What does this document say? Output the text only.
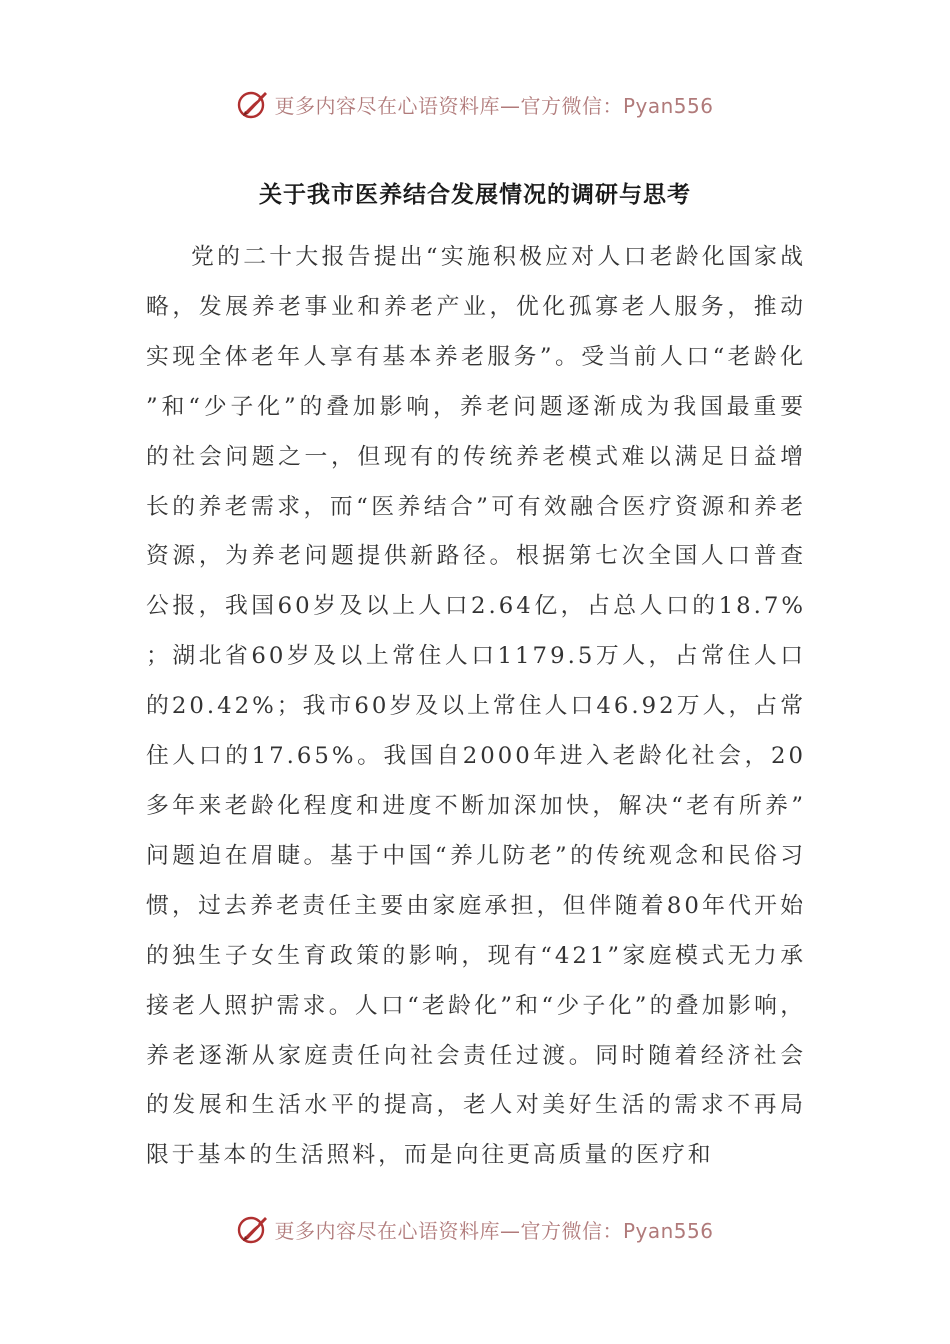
更多内容尽在心语资料库—官方微信：Pyan556
关于我市医养结合发展情况的调研与思考

党的二十大报告提出“实施积极应对人口老龄化国家战略，发展养老事业和养老产业，优化孤寡老人服务，推动实现全体老年人享有基本养老服务”。受当前人口“老龄化”和“少子化”的叠加影响，养老问题逐渐成为我国最重要的社会问题之一，但现有的传统养老模式难以满足日益增长的养老需求，而“医养结合”可有效融合医疗资源和养老资源，为养老问题提供新路径。根据第七次全国人口普查公报，我国60岁及以上人口2.64亿，占总人口的18.7%；湖北省60岁及以上常住人口1179.5万人，占常住人口的20.42%；我市60岁及以上常住人口46.92万人，占常住人口的17.65%。我国自2000年进入老龄化社会，20多年来老龄化程度和进度不断加深加快，解决“老有所养”问题迫在眉睫。基于中国“养儿防老”的传统观念和民俗习惯，过去养老责任主要由家庭承担，但伴随着80年代开始的独生子女生育政策的影响，现有“421”家庭模式无力承接老人照护需求。人口“老龄化”和“少子化”的叠加影响，养老逐渐从家庭责任向社会责任过渡。同时随着经济社会的发展和生活水平的提高，老人对美好生活的需求不再局限于基本的生活照料，而是向往更高质量的医疗和

更多内容尽在心语资料库—官方微信：Pyan556
